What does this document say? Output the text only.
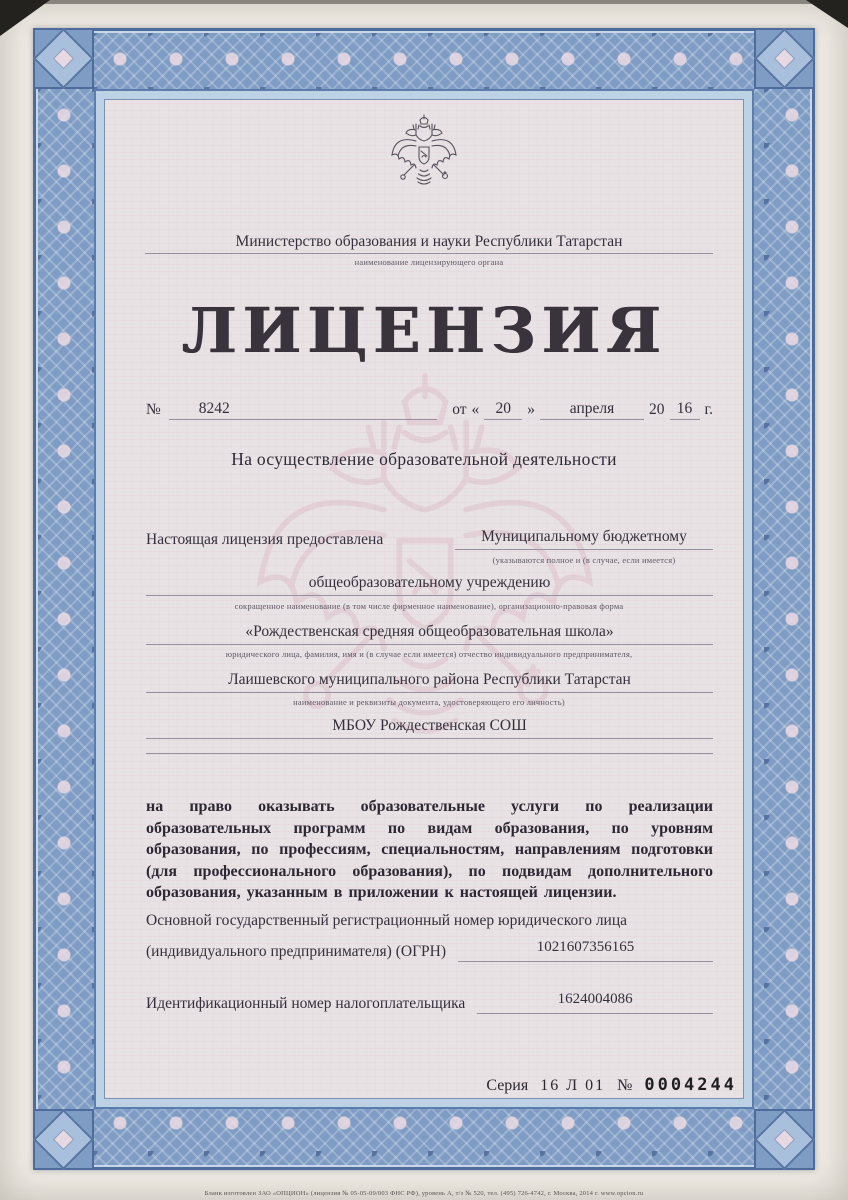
Министерство образования и науки Республики Татарстан
наименование лицензирующего органа
ЛИЦЕНЗИЯ
№	8242	от «	20	»	апреля	20 16 г.
На осуществление образовательной деятельности
Настоящая лицензия предоставлена	Муниципальному бюджетному
(указываются полное и (в случае, если имеется)
общеобразовательному учреждению
сокращенное наименование (в том числе фирменное наименование), организационно-правовая форма
«Рождественская средняя общеобразовательная школа»
юридического лица, фамилия, имя и (в случае если имеется) отчество индивидуального предпринимателя,
Лаишевского муниципального района Республики Татарстан
наименование и реквизиты документа, удостоверяющего его личность)
МБОУ Рождественская СОШ

на право оказывать образовательные услуги по реализации образовательных программ по видам образования, по уровням образования, по профессиям, специальностям, направлениям подготовки (для профессионального образования), по подвидам дополнительного образования, указанным в приложении к настоящей лицензии.

Основной государственный регистрационный номер юридического лица
(индивидуального предпринимателя) (ОГРН)	1021607356165
Идентификационный номер налогоплательщика	1624004086
Серия 16 Л 01 № 0004244
Бланк изготовлен ЗАО «ОПЦИОН» (лицензия № 05-05-09/003 ФНС РФ), уровень А, т/з № 520, тел. (495) 726-4742, г. Москва, 2014 г. www.opcion.ru
